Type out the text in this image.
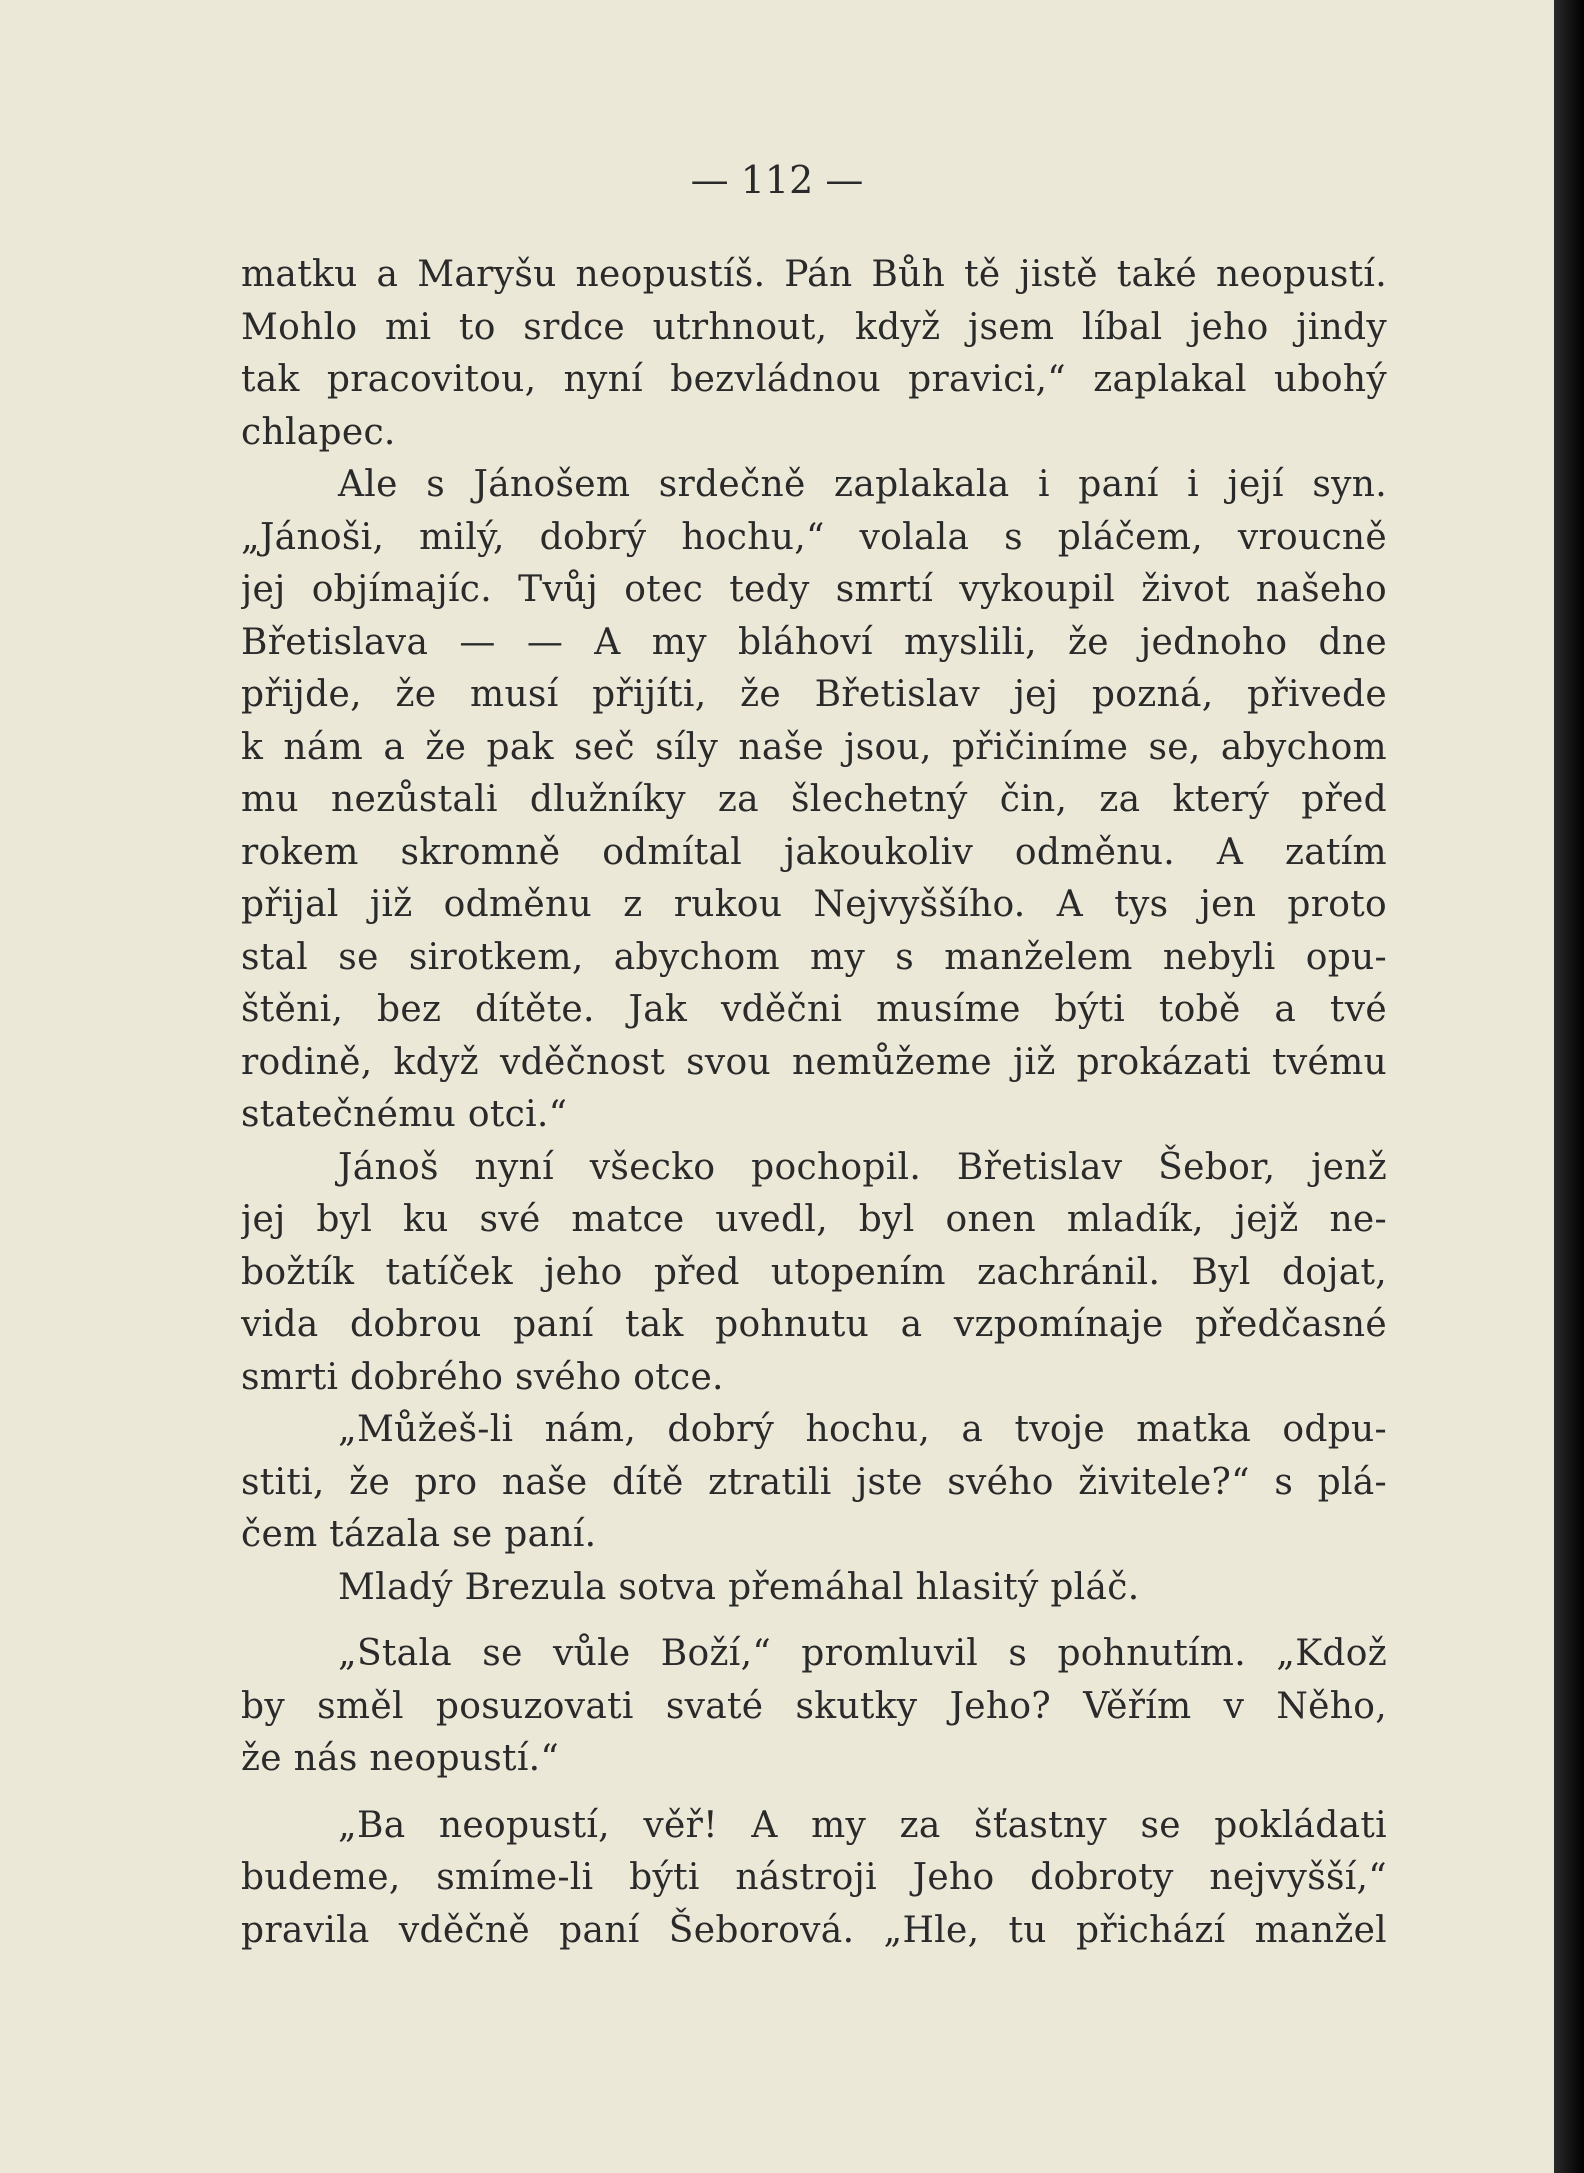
— 112 —

matku a Maryšu neopustíš. Pán Bůh tě jistě také neopustí.
Mohlo mi to srdce utrhnout, když jsem líbal jeho jindy
tak pracovitou, nyní bezvládnou pravici,“ zaplakal ubohý
chlapec.
Ale s Jánošem srdečně zaplakala i paní i její syn.
„Jánoši, milý, dobrý hochu,“ volala s pláčem, vroucně
jej objímajíc. Tvůj otec tedy smrtí vykoupil život našeho
Břetislava — — A my bláhoví myslili, že jednoho dne
přijde, že musí přijíti, že Břetislav jej pozná, přivede
k nám a že pak seč síly naše jsou, přičiníme se, abychom
mu nezůstali dlužníky za šlechetný čin, za který před
rokem skromně odmítal jakoukoliv odměnu. A zatím
přijal již odměnu z rukou Nejvyššího. A tys jen proto
stal se sirotkem, abychom my s manželem nebyli opu-
štěni, bez dítěte. Jak vděčni musíme býti tobě a tvé
rodině, když vděčnost svou nemůžeme již prokázati tvému
statečnému otci.“
Jánoš nyní všecko pochopil. Břetislav Šebor, jenž
jej byl ku své matce uvedl, byl onen mladík, jejž ne-
božtík tatíček jeho před utopením zachránil. Byl dojat,
vida dobrou paní tak pohnutu a vzpomínaje předčasné
smrti dobrého svého otce.
„Můžeš-li nám, dobrý hochu, a tvoje matka odpu-
stiti, že pro naše dítě ztratili jste svého živitele?“ s plá-
čem tázala se paní.
Mladý Brezula sotva přemáhal hlasitý pláč.
„Stala se vůle Boží,“ promluvil s pohnutím. „Kdož
by směl posuzovati svaté skutky Jeho? Věřím v Něho,
že nás neopustí.“
„Ba neopustí, věř! A my za šťastny se pokládati
budeme, smíme-li býti nástroji Jeho dobroty nejvyšší,“
pravila vděčně paní Šeborová. „Hle, tu přichází manžel
